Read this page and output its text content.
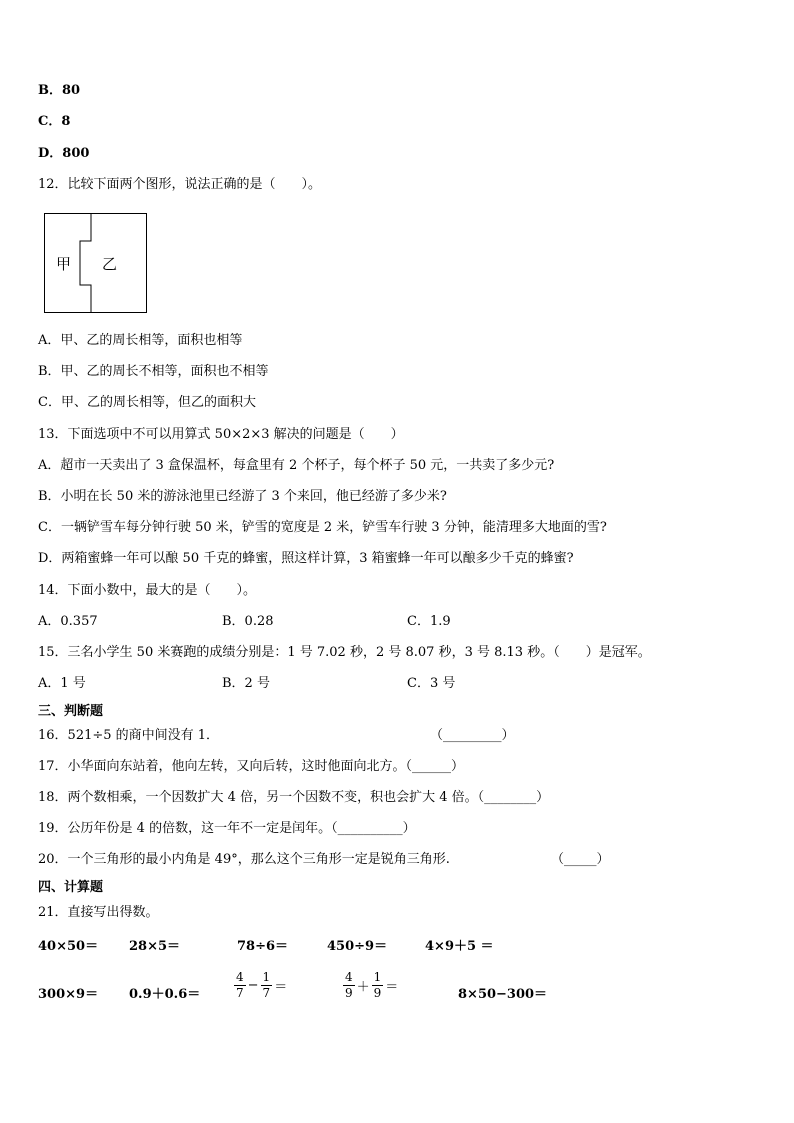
B．80
C．8
D．800
12．比较下面两个图形，说法正确的是（　　）。
甲 乙
A．甲、乙的周长相等，面积也相等
B．甲、乙的周长不相等，面积也不相等
C．甲、乙的周长相等，但乙的面积大
13．下面选项中不可以用算式 50×2×3 解决的问题是（　　）
A．超市一天卖出了 3 盒保温杯，每盒里有 2 个杯子，每个杯子 50 元，一共卖了多少元?
B．小明在长 50 米的游泳池里已经游了 3 个来回，他已经游了多少米?
C．一辆铲雪车每分钟行驶 50 米，铲雪的宽度是 2 米，铲雪车行驶 3 分钟，能清理多大地面的雪?
D．两箱蜜蜂一年可以酿 50 千克的蜂蜜，照这样计算，3 箱蜜蜂一年可以酿多少千克的蜂蜜?
14．下面小数中，最大的是（　　）。
A．0.357	B．0.28	C．1.9
15．三名小学生 50 米赛跑的成绩分别是：1 号 7.02 秒，2 号 8.07 秒，3 号 8.13 秒。（　　）是冠军。
A．1 号	B．2 号	C．3 号
三、判断题
16．521÷5 的商中间没有 1．	（_________）
17．小华面向东站着，他向左转，又向后转，这时他面向北方。（______）
18．两个数相乘，一个因数扩大 4 倍，另一个因数不变，积也会扩大 4 倍。（________）
19．公历年份是 4 的倍数，这一年不一定是闰年。（__________）
20．一个三角形的最小内角是 49°，那么这个三角形一定是锐角三角形.	（_____）
四、计算题
21．直接写出得数。
40×50＝ 28×5＝	78÷6＝	450÷9＝	4×9＋5 ＝
300×9＝ 0.9＋0.6＝	$\frac{4}{7} - \frac{1}{7}$ ＝	$\frac{4}{9} + \frac{1}{9}$ ＝	8×50−300＝
